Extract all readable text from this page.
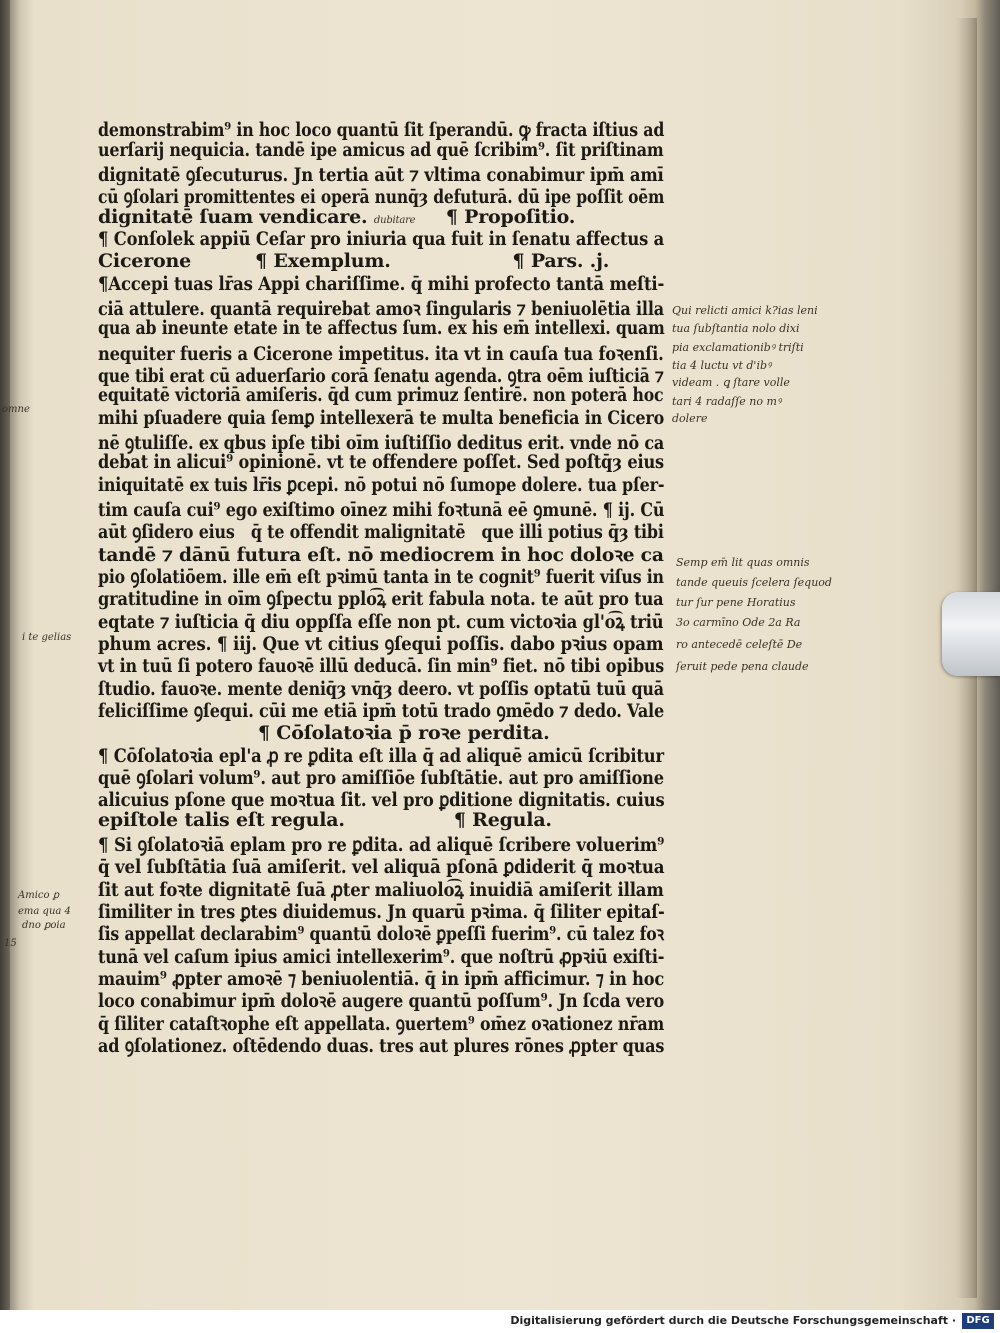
demonstrabim⁹ in hoc loco quantū ſit ſperandū. ꝙ fracta iſtius ad
uerſarij nequicia. tandē ipe amicus ad quē ſcribim⁹. ſit priſtinam
dignitatē ꝯſecuturus. Jn tertia aūt ⁊ vltima conabimur ipm̄ amī
cū ꝯſolari promittentes ei operā nunq̄ȝ defuturā. dū ipe poſſit oēm
dignitatē ſuam vendicare. dubitare ¶ Propoſitio.
¶ Conſolek appiū Ceſar pro iniuria qua fuit in ſenatu affectus a
Cicerone          ¶ Exemplum.                   ¶ Pars. .j.
¶Accepi tuas lr̄as Appi chariſſime. q̄ mihi profecto tantā meſti-
ciā attulere. quantā requirebat amoꝛ ſingularis ⁊ beniuolētia illa
qua ab ineunte etate in te affectus ſum. ex his em̄ intellexi. quam
nequiter fueris a Cicerone impetitus. ita vt in cauſa tua foꝛenſi.
que tibi erat cū aduerſario corā ſenatu agenda. ꝯtra oēm iuſticiā ⁊
equitatē victoriā amiſeris. q̄d cum primuz ſentirē. non poterā hoc
mihi pſuadere quia ſemꝑ intellexerā te multa beneficia in Cicero
nē ꝯtuliſſe. ex qbus ipſe tibi oīm iuſtiſſio deditus erit. vnde nō ca
debat in alicui⁹ opinionē. vt te offendere poſſet. Sed poſtq̄ȝ eius
iniquitatē ex tuis lr̄is ꝑcepi. nō potui nō ſumope dolere. tua pſer-
tim cauſa cui⁹ ego exiſtimo oīnez mihi foꝛtunā eē ꝯmunē. ¶ ij. Cū
aūt ꝯſidero eius   q̄ te offendit malignitatē   que illi potius q̄ȝ tibi
tandē ⁊ dānū futura eſt. nō mediocrem in hoc doloꝛe ca
pio ꝯſolatiōem. ille em̄ eſt pꝛimū tanta in te cognit⁹ fuerit viſus in
gratitudine in oīm ꝯſpectu pplo͡ꝝ erit fabula nota. te aūt pro tua
eqtate ⁊ iuſticia q̄ diu oppſſa eſſe non pt. cum victoꝛia gl'o͡ꝝ triū
phum acres. ¶ iij. Que vt citius ꝯſequi poſſis. dabo pꝛius opam
vt in tuū ſi potero fauoꝛē illū deducā. ſin min⁹ fiet. nō tibi opibus
ſtudio. fauoꝛe. mente deniq̄ȝ vnq̄ȝ deero. vt poſſis optatū tuū quā
feliciſſime ꝯſequi. cūi me etiā ipm̄ totū trado ꝯmēdo ⁊ dedo. Vale
¶ Cōſolatoꝛia p̄ roꝛe perdita.
¶ Cōſolatoꝛia epl'a ꝓ re ꝑdita eſt illa q̄ ad aliquē amicū ſcribitur
quē ꝯſolari volum⁹. aut pro amiſſiōe ſubſtātie. aut pro amiſſione
alicuius pſone que moꝛtua ſit. vel pro ꝑditione dignitatis. cuius
epiſtole talis eſt regula.                 ¶ Regula.
¶ Si ꝯſolatoꝛiā eplam pro re ꝑdita. ad aliquē ſcribere voluerim⁹
q̄ vel ſubſtātia ſuā amiſerit. vel aliquā pſonā ꝑdiderit q̄ moꝛtua
ſit aut foꝛte dignitatē ſuā ꝓter maliuolo͡ꝝ inuidiā amiſerit illam
ſimiliter in tres ꝑtes diuidemus. Jn quarū pꝛima. q̄ ſiliter epitaſ-
ſis appellat declarabim⁹ quantū doloꝛē ꝑpeſſi fuerim⁹. cū talez foꝛ
tunā vel caſum ipius amici intellexerim⁹. que noſtrū ꝓpꝛiū exiſti-
mauim⁹ ꝓpter amoꝛē ⁊ beniuolentiā. q̄ in ipm̄ afficimur. ⁊ in hoc
loco conabimur ipm̄ doloꝛē augere quantū poſſum⁹. Jn ſcda vero
q̄ ſiliter cataſtꝛophe eſt appellata. ꝯuertem⁹ om̄ez oꝛationez nr̄am
ad ꝯſolationez. oſtēdendo duas. tres aut plures rōnes ꝓpter quas
Qui relicti amici k?ias leni
tua ſubſtantia nolo dixi
pia exclamationibꝰ triſti
tia 4 luctu vt d'ibꝰ
videam . ꝗ ſtare volle
tari 4 radaſſe no mꝰ
dolere
Semp em̄ lit quas omnis
tande queuis ſcelera ſequod
tur ſur pene Horatius
3o carmīno Ode 2a Ra
ro antecedē celeſtē De
ſeruit pede pena claude
i te gelias
Amico ꝑ
ema qua 4
dno ꝑoia
omne
15
Digitalisierung gefördert durch die Deutsche Forschungsgemeinschaft ·	DFG
